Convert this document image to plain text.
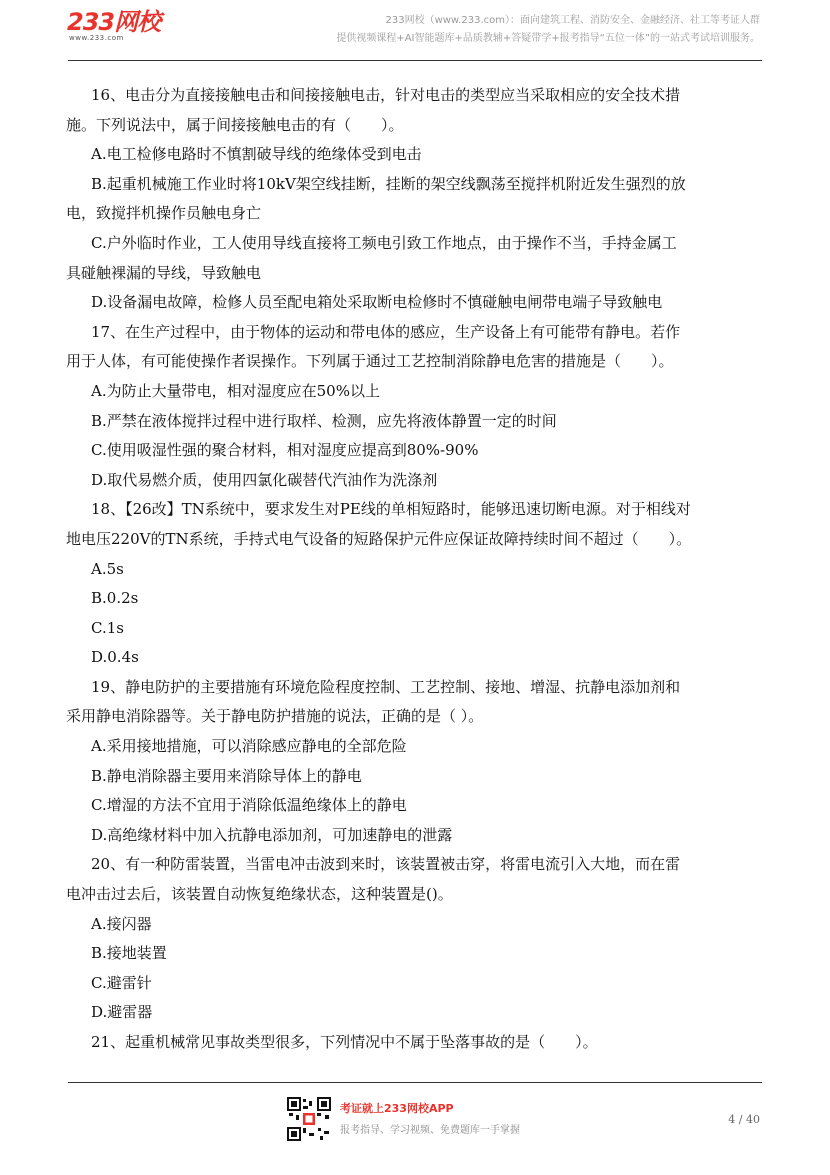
233网校
www.233.com
233网校（www.233.com）：面向建筑工程、消防安全、金融经济、社工等考证人群
提供视频课程+AI智能题库+品质教辅+答疑带学+报考指导“五位一体”的一站式考试培训服务。
16、电击分为直接接触电击和间接接触电击，针对电击的类型应当采取相应的安全技术措
施。下列说法中，属于间接接触电击的有（　　）。
A.电工检修电路时不慎割破导线的绝缘体受到电击
B.起重机械施工作业时将10kV架空线挂断，挂断的架空线飘荡至搅拌机附近发生强烈的放
电，致搅拌机操作员触电身亡
C.户外临时作业，工人使用导线直接将工频电引致工作地点，由于操作不当，手持金属工
具碰触裸漏的导线，导致触电
D.设备漏电故障，检修人员至配电箱处采取断电检修时不慎碰触电闸带电端子导致触电
17、在生产过程中，由于物体的运动和带电体的感应，生产设备上有可能带有静电。若作
用于人体，有可能使操作者误操作。下列属于通过工艺控制消除静电危害的措施是（　　）。
A.为防止大量带电，相对湿度应在50%以上
B.严禁在液体搅拌过程中进行取样、检测，应先将液体静置一定的时间
C.使用吸湿性强的聚合材料，相对湿度应提高到80%-90%
D.取代易燃介质，使用四氯化碳替代汽油作为洗涤剂
18、【26改】TN系统中，要求发生对PE线的单相短路时，能够迅速切断电源。对于相线对
地电压220V的TN系统，手持式电气设备的短路保护元件应保证故障持续时间不超过（　　）。
A.5s
B.0.2s
C.1s
D.0.4s
19、静电防护的主要措施有环境危险程度控制、工艺控制、接地、增湿、抗静电添加剂和
采用静电消除器等。关于静电防护措施的说法，正确的是（ ）。
A.采用接地措施，可以消除感应静电的全部危险
B.静电消除器主要用来消除导体上的静电
C.增湿的方法不宜用于消除低温绝缘体上的静电
D.高绝缘材料中加入抗静电添加剂，可加速静电的泄露
20、有一种防雷装置，当雷电冲击波到来时，该装置被击穿，将雷电流引入大地，而在雷
电冲击过去后，该装置自动恢复绝缘状态，这种装置是()。
A.接闪器
B.接地装置
C.避雷针
D.避雷器
21、起重机械常见事故类型很多，下列情况中不属于坠落事故的是（　　）。
考证就上233网校APP
报考指导、学习视频、免费题库一手掌握
4 / 40
